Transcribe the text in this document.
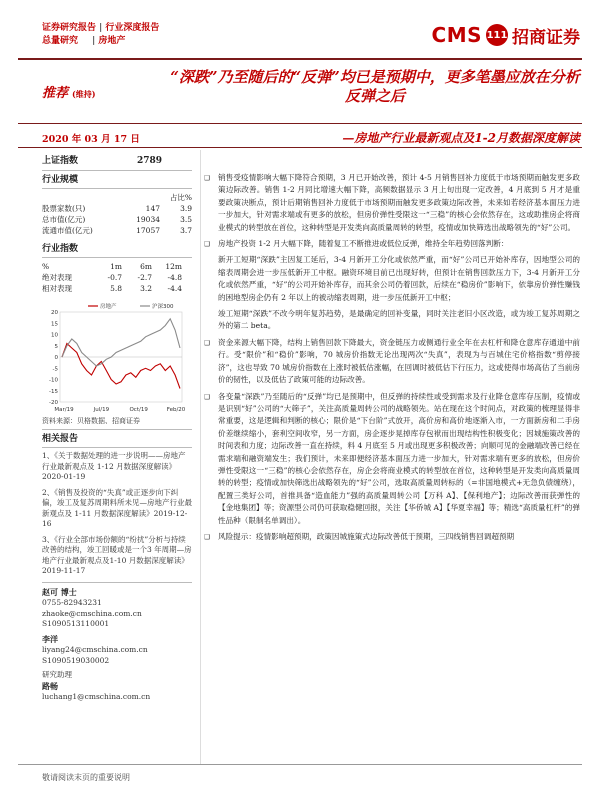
证券研究报告 | 行业深度报告
总量研究 | 房地产	CMS 111 招商证券
推荐 (维持)
“深跌”乃至随后的“反弹”均已是预期中，更多笔墨应放在分析反弹之后
2020 年 03 月 17 日	—房地产行业最新观点及1-2月数据深度解读
上证指数	2789
行业规模
占比%
股票家数(只)	147	3.9
总市值(亿元)	19034	3.5
流通市值(亿元)	17057	3.7
行业指数
%	1m	6m	12m
绝对表现	-0.7	-2.7	-4.8
相对表现	5.8	3.2	-4.4
20
15
10
5
0
-5
-10
-15
-20
Mar/19	Jul/19	Oct/19	Feb/20
房地产	沪深300
资料来源：贝格数据、招商证券
相关报告

1、《关于数据处理的进一步说明——房地产行业最新观点及 1-12 月数据深度解读》2020-01-19

2、《销售及投资的“失真”或正逐步向下纠偏，竣工及复苏周期料所未见—房地产行业最新观点及 1-11 月数据深度解读》2019-12-16

3、《行业全部市场份额的“纷扰”分析与持续改善的结构，竣工回暖或是一个3 年周期—房地产行业最新观点及1-10 月数据深度解读》2019-11-17

赵可 博士
0755-82943231
zhaoke@cmschina.com.cn
S1090513110001
李洋
liyang24@cmschina.com.cn
S1090519030002
研究助理
路畅
luchang1@cmschina.com.cn

❑ 销售受疫情影响大幅下降符合预期，3 月已开始改善，预计 4-5 月销售回补力度低于市场预期而触发更多政策边际改善。销售 1-2 月同比增速大幅下降，高频数据显示 3 月上旬出现一定改善，4 月底到 5 月才是重要政策决断点，预计后期销售回补力度低于市场预期而触发更多政策边际改善，未来如若经济基本面压力进一步加大，针对需求端或有更多的放松，但房价弹性受限这一“三稳”的核心会依然存在，这或助推房企将商业模式的转型放在首位，这种转型是开发类向高质量周转的转型，疫情或加快筛选出战略领先的“好”公司。

❑ 房地产投资 1-2 月大幅下降，随着复工不断推进或低位反弹，维持全年趋势回落判断：

新开工短期“深跌”主因复工延后，3-4 月新开工分化或依然严重，而“好”公司已开始补库存，因地型公司的缩表周期会进一步压低新开工中枢。融资环境目前已出现好转，但预计在销售回款压力下，3-4 月新开工分化或依然严重，“好”的公司开始补库存，而其余公司仍着回款，后续在“稳房价”影响下，依靠房价弹性赚钱的困地型房企仍有 2 年以上的被动缩表周期，进一步压低新开工中枢；

竣工短期“深跌”不改今明年复苏趋势，是最确定的回补变量，同时关注老旧小区改造，或为竣工复苏周期之外的第二 beta。

❑ 资金来源大幅下降，结构上销售回款下降最大，资金链压力或侧通行业全年在去杠杆和降仓意库存通道中前行。受“限价”和“稳价”影响，70 城房价指数无论出现两次“失真”，表现为与百城住宅价格指数“剪停接济”，这也导致 70 城房价指数在上涨时被低估涨幅，在回调时被低估下行压力，这或使得市场高估了当前房价的韧性，以及低估了政策可能的边际改善。

❑ 各变量“深跌”乃至随后的“反弹”均已是预期中，但反弹的持续性或受到需求及行业降仓意库存压制，疫情或是识别“好”公司的“大筛子”，关注高质量周转公司的战略领先。站在现在这个时间点，对政策的梳理显得非常重要，这是逻辑和判断的核心；限价是“下台阶”式放开，高价房和高价地逐渐入市，一方面新房和二手房价差继续缩小，套利空间收窄，另一方面，房企逐步晃掉库存包袱而出现结构性积极变化；因城施策改善的时间表和力度；边际改善一直在持续，料 4 月底至 5 月或出现更多积极改善；向顺可见的金融端改善已经在需求端和融资端发生；我们预计，未来即便经济基本面压力进一步加大，针对需求端有更多的放松，但房价弹性受限这一“三稳”的核心会依然存在，房企会将商业模式的转型放在首位，这种转型是开发类向高质量周转的转型；疫情或加快筛选出战略领先的“好”公司，选取高质量周转标的（=非国地模式+无急负债缠绕），配置三类好公司，首推具备“造血能力”强的高质量周转公司【万科 A】、【保利地产】；边际改善而获弹性的【金地集团】等；资源型公司仍可获取稳健回报，关注【华侨城 A】【华夏幸福】等；精选“高质量杠杆”的弹性品种（限制名单调出）。

❑ 风险提示：疫情影响超预期，政策因城施策式边际改善低于预期，三四线销售回调超预期

敬请阅读末页的重要说明
